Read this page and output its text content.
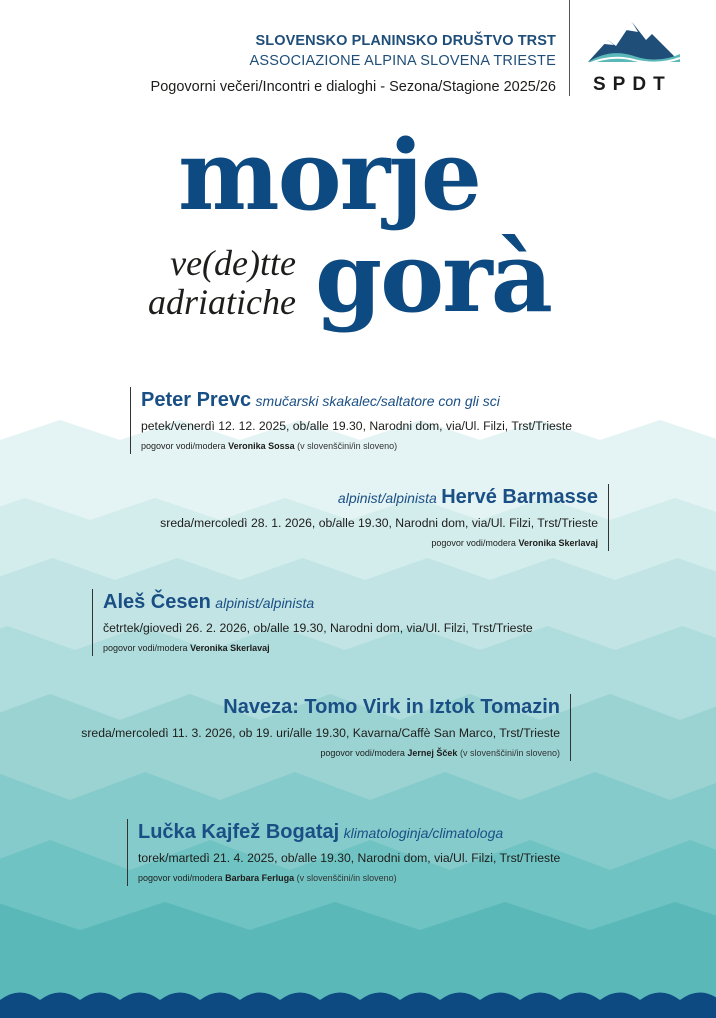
SLOVENSKO PLANINSKO DRUŠTVO TRST
ASSOCIAZIONE ALPINA SLOVENA TRIESTE
Pogovorni večeri/Incontri e dialoghi - Sezona/Stagione 2025/26 SPDT
morje
gorà
ve(de)tte
adriatiche
Peter Prevc smučarski skakalec/saltatore con gli sci
petek/venerdì 12. 12. 2025, ob/alle 19.30, Narodni dom, via/Ul. Filzi, Trst/Trieste
pogovor vodi/modera Veronika Sossa (v slovenščini/in sloveno)
alpinist/alpinista Hervé Barmasse
sreda/mercoledì 28. 1. 2026, ob/alle 19.30, Narodni dom, via/Ul. Filzi, Trst/Trieste
pogovor vodi/modera Veronika Skerlavaj
Aleš Česen alpinist/alpinista
četrtek/giovedì 26. 2. 2026, ob/alle 19.30, Narodni dom, via/Ul. Filzi, Trst/Trieste
pogovor vodi/modera Veronika Skerlavaj
Naveza: Tomo Virk in Iztok Tomazin
sreda/mercoledì 11. 3. 2026, ob 19. uri/alle 19.30, Kavarna/Caffè San Marco, Trst/Trieste
pogovor vodi/modera Jernej Šček (v slovenščini/in sloveno)
Lučka Kajfež Bogataj klimatologinja/climatologa
torek/martedì 21. 4. 2025, ob/alle 19.30, Narodni dom, via/Ul. Filzi, Trst/Trieste
pogovor vodi/modera Barbara Ferluga (v slovenščini/in sloveno)
